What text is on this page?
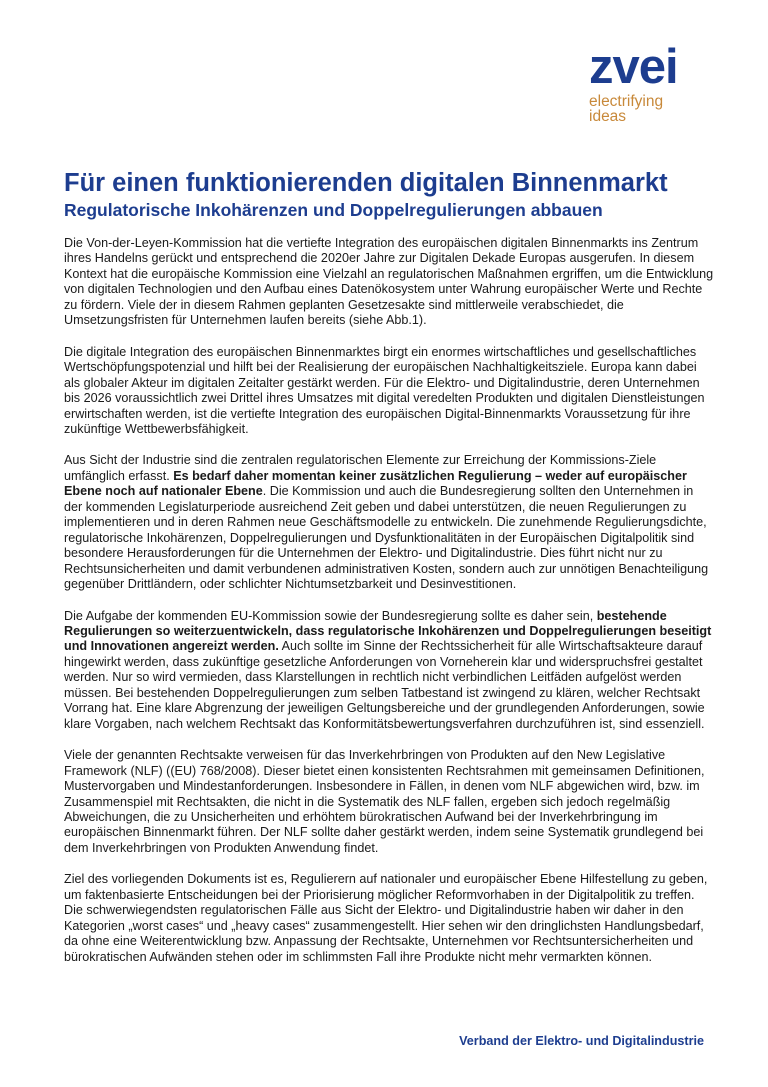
zvei
electrifying
ideas
Für einen funktionierenden digitalen Binnenmarkt
Regulatorische Inkohärenzen und Doppelregulierungen abbauen

Die Von-der-Leyen-Kommission hat die vertiefte Integration des europäischen digitalen Binnenmarkts ins Zentrum ihres Handelns gerückt und entsprechend die 2020er Jahre zur Digitalen Dekade Europas ausgerufen. In diesem Kontext hat die europäische Kommission eine Vielzahl an regulatorischen Maßnahmen ergriffen, um die Entwicklung von digitalen Technologien und den Aufbau eines Datenökosystem unter Wahrung europäischer Werte und Rechte zu fördern. Viele der in diesem Rahmen geplanten Gesetzesakte sind mittlerweile verabschiedet, die Umsetzungsfristen für Unternehmen laufen bereits (siehe Abb.1).

Die digitale Integration des europäischen Binnenmarktes birgt ein enormes wirtschaftliches und gesellschaftliches Wertschöpfungspotenzial und hilft bei der Realisierung der europäischen Nachhaltigkeitsziele. Europa kann dabei als globaler Akteur im digitalen Zeitalter gestärkt werden. Für die Elektro- und Digitalindustrie, deren Unternehmen bis 2026 voraussichtlich zwei Drittel ihres Umsatzes mit digital veredelten Produkten und digitalen Dienstleistungen erwirtschaften werden, ist die vertiefte Integration des europäischen Digital-Binnenmarkts Voraussetzung für ihre zukünftige Wettbewerbsfähigkeit.

Aus Sicht der Industrie sind die zentralen regulatorischen Elemente zur Erreichung der Kommissions-Ziele umfänglich erfasst. Es bedarf daher momentan keiner zusätzlichen Regulierung – weder auf europäischer Ebene noch auf nationaler Ebene. Die Kommission und auch die Bundesregierung sollten den Unternehmen in der kommenden Legislaturperiode ausreichend Zeit geben und dabei unterstützen, die neuen Regulierungen zu implementieren und in deren Rahmen neue Geschäftsmodelle zu entwickeln. Die zunehmende Regulierungsdichte, regulatorische Inkohärenzen, Doppelregulierungen und Dysfunktionalitäten in der Europäischen Digitalpolitik sind besondere Herausforderungen für die Unternehmen der Elektro- und Digitalindustrie. Dies führt nicht nur zu Rechtsunsicherheiten und damit verbundenen administrativen Kosten, sondern auch zur unnötigen Benachteiligung gegenüber Drittländern, oder schlichter Nichtumsetzbarkeit und Desinvestitionen.

Die Aufgabe der kommenden EU-Kommission sowie der Bundesregierung sollte es daher sein, bestehende Regulierungen so weiterzuentwickeln, dass regulatorische Inkohärenzen und Doppelregulierungen beseitigt und Innovationen angereizt werden. Auch sollte im Sinne der Rechtssicherheit für alle Wirtschaftsakteure darauf hingewirkt werden, dass zukünftige gesetzliche Anforderungen von Vorneherein klar und widerspruchsfrei gestaltet werden. Nur so wird vermieden, dass Klarstellungen in rechtlich nicht verbindlichen Leitfäden aufgelöst werden müssen. Bei bestehenden Doppelregulierungen zum selben Tatbestand ist zwingend zu klären, welcher Rechtsakt Vorrang hat. Eine klare Abgrenzung der jeweiligen Geltungsbereiche und der grundlegenden Anforderungen, sowie klare Vorgaben, nach welchem Rechtsakt das Konformitätsbewertungsverfahren durchzuführen ist, sind essenziell.

Viele der genannten Rechtsakte verweisen für das Inverkehrbringen von Produkten auf den New Legislative Framework (NLF) ((EU) 768/2008). Dieser bietet einen konsistenten Rechtsrahmen mit gemeinsamen Definitionen, Mustervorgaben und Mindestanforderungen. Insbesondere in Fällen, in denen vom NLF abgewichen wird, bzw. im Zusammenspiel mit Rechtsakten, die nicht in die Systematik des NLF fallen, ergeben sich jedoch regelmäßig Abweichungen, die zu Unsicherheiten und erhöhtem bürokratischen Aufwand bei der Inverkehrbringung im europäischen Binnenmarkt führen. Der NLF sollte daher gestärkt werden, indem seine Systematik grundlegend bei dem Inverkehrbringen von Produkten Anwendung findet.

Ziel des vorliegenden Dokuments ist es, Regulierern auf nationaler und europäischer Ebene Hilfestellung zu geben, um faktenbasierte Entscheidungen bei der Priorisierung möglicher Reformvorhaben in der Digitalpolitik zu treffen. Die schwerwiegendsten regulatorischen Fälle aus Sicht der Elektro- und Digitalindustrie haben wir daher in den Kategorien „worst cases“ und „heavy cases“ zusammengestellt. Hier sehen wir den dringlichsten Handlungsbedarf, da ohne eine Weiterentwicklung bzw. Anpassung der Rechtsakte, Unternehmen vor Rechtsuntersicherheiten und bürokratischen Aufwänden stehen oder im schlimmsten Fall ihre Produkte nicht mehr vermarkten können.

Verband der Elektro- und Digitalindustrie
